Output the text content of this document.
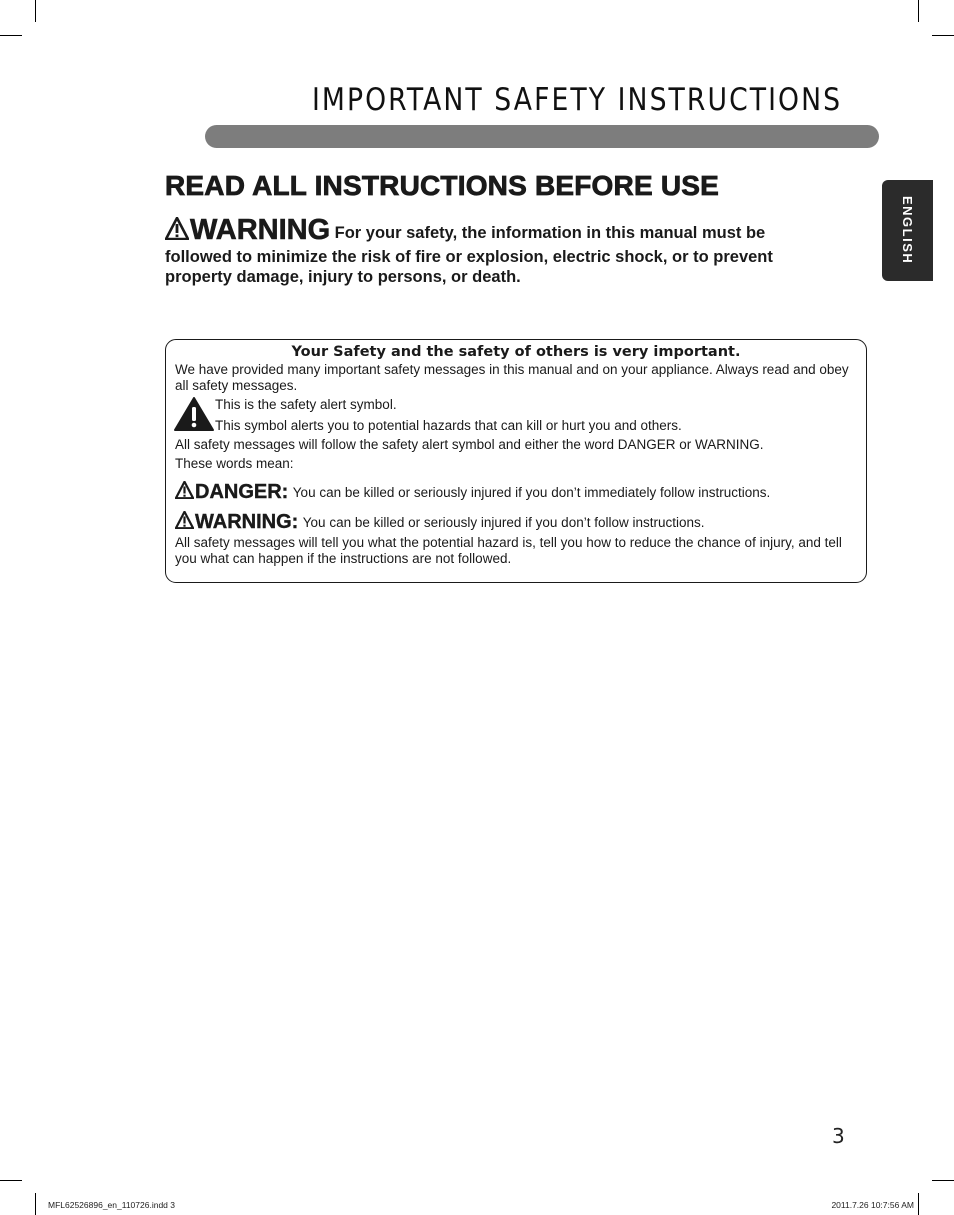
IMPORTANT SAFETY INSTRUCTIONS
ENGLISH
READ ALL INSTRUCTIONS BEFORE USE
WARNING For your safety, the information in this manual must be followed to minimize the risk of fire or explosion, electric shock, or to prevent property damage, injury to persons, or death.
Your Safety and the safety of others is very important.
We have provided many important safety messages in this manual and on your appliance. Always read and obey all safety messages.
This is the safety alert symbol.
This symbol alerts you to potential hazards that can kill or hurt you and others.
All safety messages will follow the safety alert symbol and either the word DANGER or WARNING.
These words mean:
DANGER: You can be killed or seriously injured if you don’t immediately follow instructions.
WARNING: You can be killed or seriously injured if you don’t follow instructions.
All safety messages will tell you what the potential hazard is, tell you how to reduce the chance of injury, and tell you what can happen if the instructions are not followed.
3
MFL62526896_en_110726.indd 3	2011.7.26 10:7:56 AM
